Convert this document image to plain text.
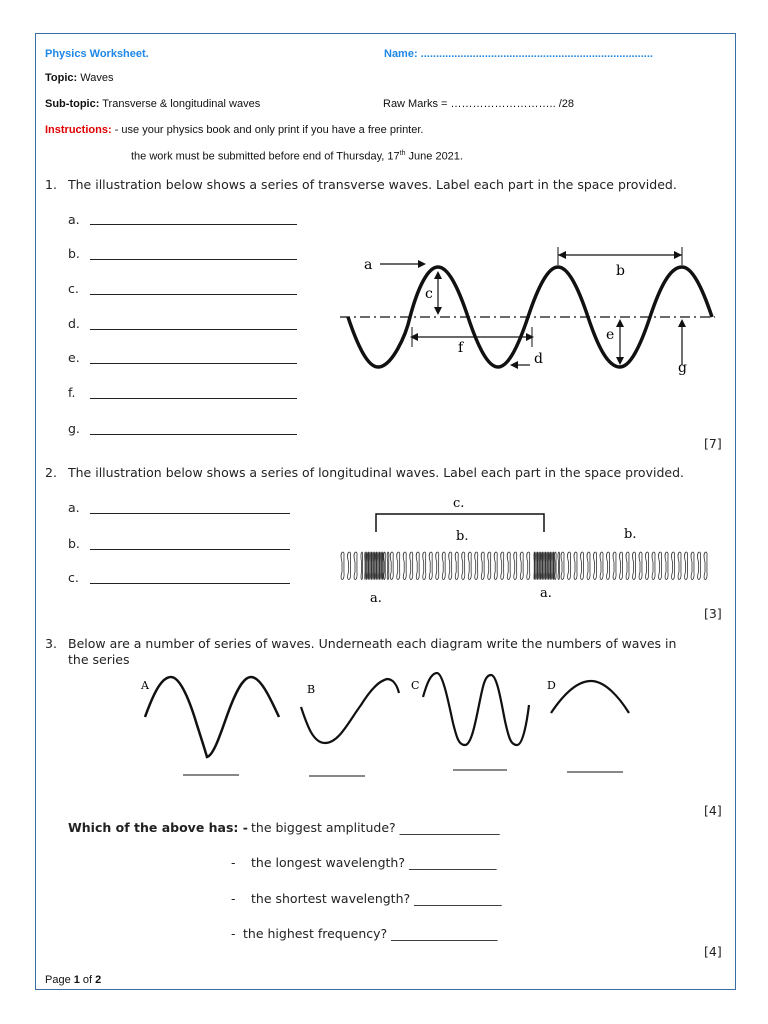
Physics Worksheet.	Name: ............................................................................
Topic: Waves
Sub-topic: Transverse & longitudinal waves	Raw Marks = ……………………….. /28
Instructions: - use your physics book and only print if you have a free printer.
the work must be submitted before end of Thursday, 17th June 2021.
1. The illustration below shows a series of transverse waves. Label each part in the space provided.
a.
b.
c.
d.
e.
f.
g.
a	b
c
f
d
e
g
[7]
2. The illustration below shows a series of longitudinal waves. Label each part in the space provided.
a.
b.
c.
c.
b.	b.
a.	a.
[3]
3. Below are a number of series of waves. Underneath each diagram write the numbers of waves in
the series
A	B	C	D
[4]
Which of the above has: - the biggest amplitude? ________________
- the longest wavelength? ______________
- the shortest wavelength? ______________
- the highest frequency? _________________
[4]
Page 1 of 2
